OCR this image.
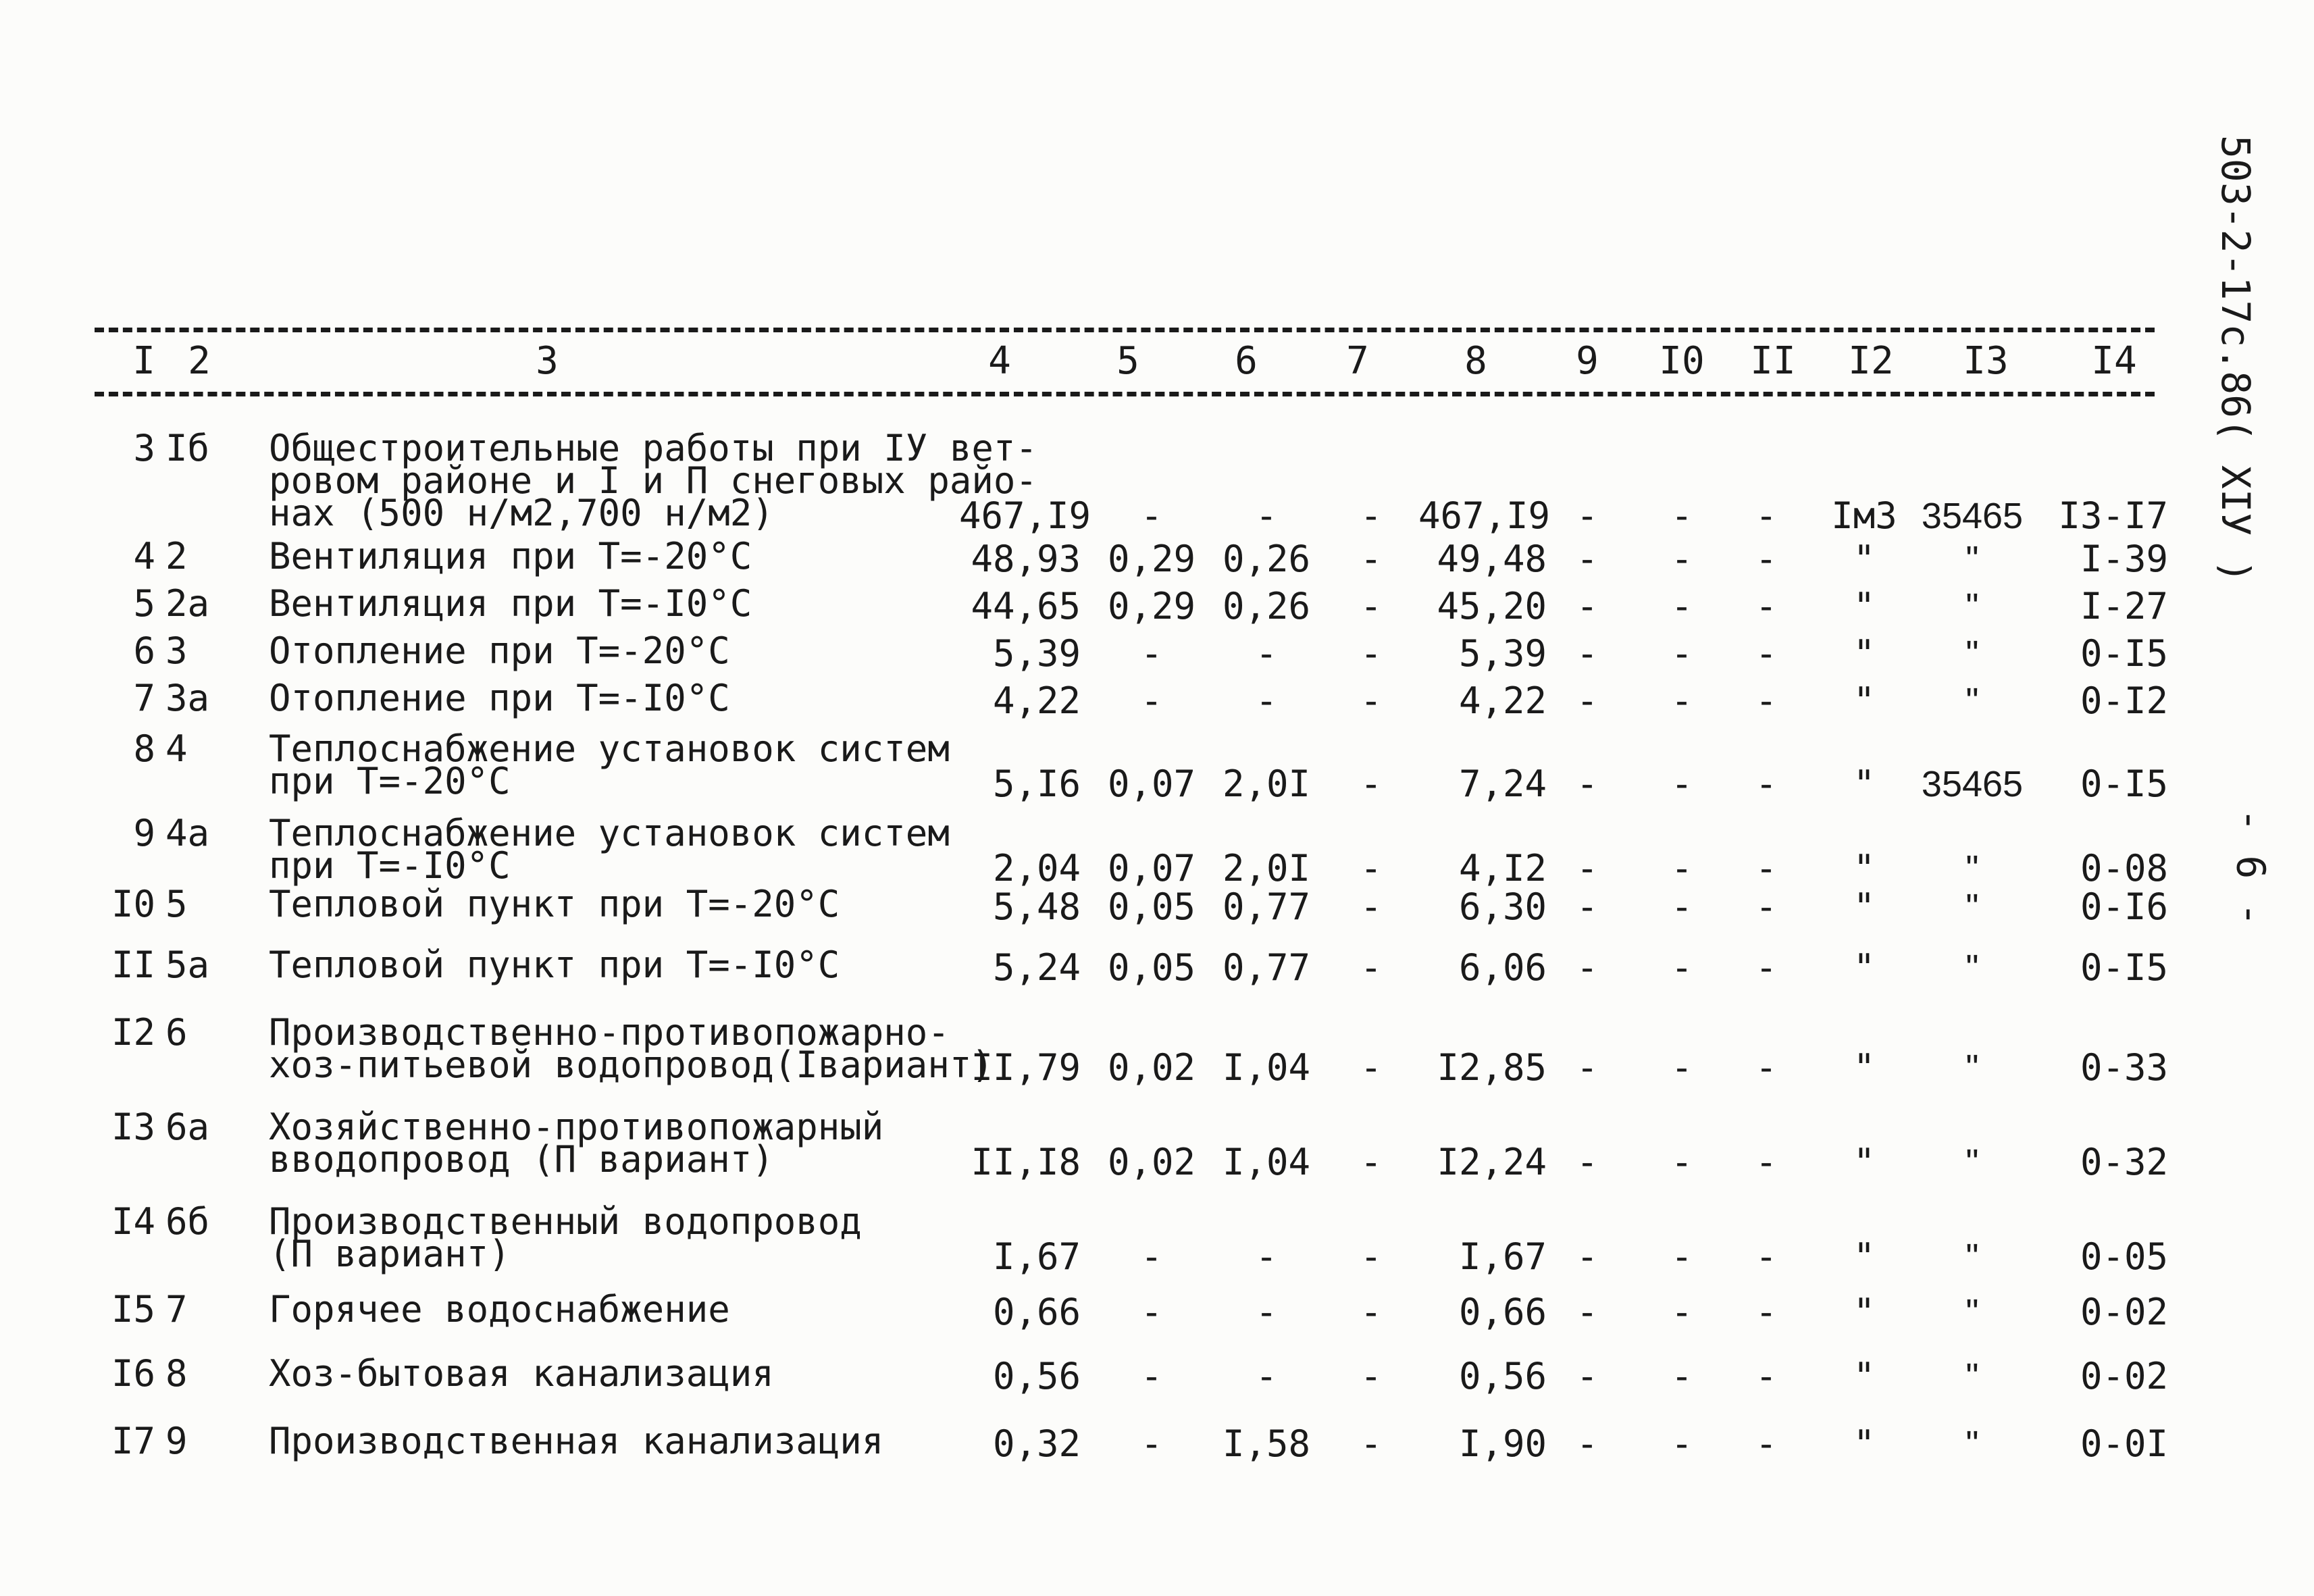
503-2-17с.86( XIУ )
- 6 -
I 2	3	4	5	6	7	8	9	I0	II	I2	I3	I4
3 Iб	Общестроительные работы при IУ вет-
ровом районе и I и П снеговых райо-
нах (500 н/м2,700 н/м2)	467,I9	-	-	- 467,I9 -	-	-	Iм3 35465 I3-I7
4 2	Вентиляция при Т=-20°С	48,93 0,29 0,26	-	49,48 -	-	-	"	"	I-39
5 2а	Вентиляция при Т=-I0°С	44,65 0,29 0,26	-	45,20 -	-	-	"	"	I-27
6 3	Отопление при Т=-20°С	5,39	-	-	-	5,39 -	-	-	"	"	0-I5
7 3а	Отопление при Т=-I0°С	4,22	-	-	-	4,22 -	-	-	"	"	0-I2
8 4	Теплоснабжение установок систем
при Т=-20°С	5,I6 0,07 2,0I	-	7,24 -	-	-	"	35465	0-I5
9 4а	Теплоснабжение установок систем
при Т=-I0°С	2,04 0,07 2,0I	-	4,I2 -	-	-	"	"	0-08
I0 5	Тепловой пункт при Т=-20°С	5,48 0,05 0,77	-	6,30 -	-	-	"	"	0-I6
II 5а	Тепловой пункт при Т=-I0°С	5,24 0,05 0,77	-	6,06 -	-	-	"	"	0-I5
I2 6	Производственно-противопожарно-
хоз-питьевой водопровод(Iвариант)
II,79 0,02 I,04	-	I2,85 -	-	-	"	"	0-33
I3 6а	Хозяйственно-противопожарный
вводопровод (П вариант)	II,I8 0,02 I,04	-	I2,24 -	-	-	"	"	0-32
I4 6б	Производственный водопровод
(П вариант)	I,67	-	-	-	I,67 -	-	-	"	"	0-05
I5 7	Горячее водоснабжение	0,66	-	-	-	0,66 -	-	-	"	"	0-02
I6 8	Хоз-бытовая канализация	0,56	-	-	-	0,56 -	-	-	"	"	0-02
I7 9	Производственная канализация	0,32	-	I,58	-	I,90 -	-	-	"	"	0-0I
